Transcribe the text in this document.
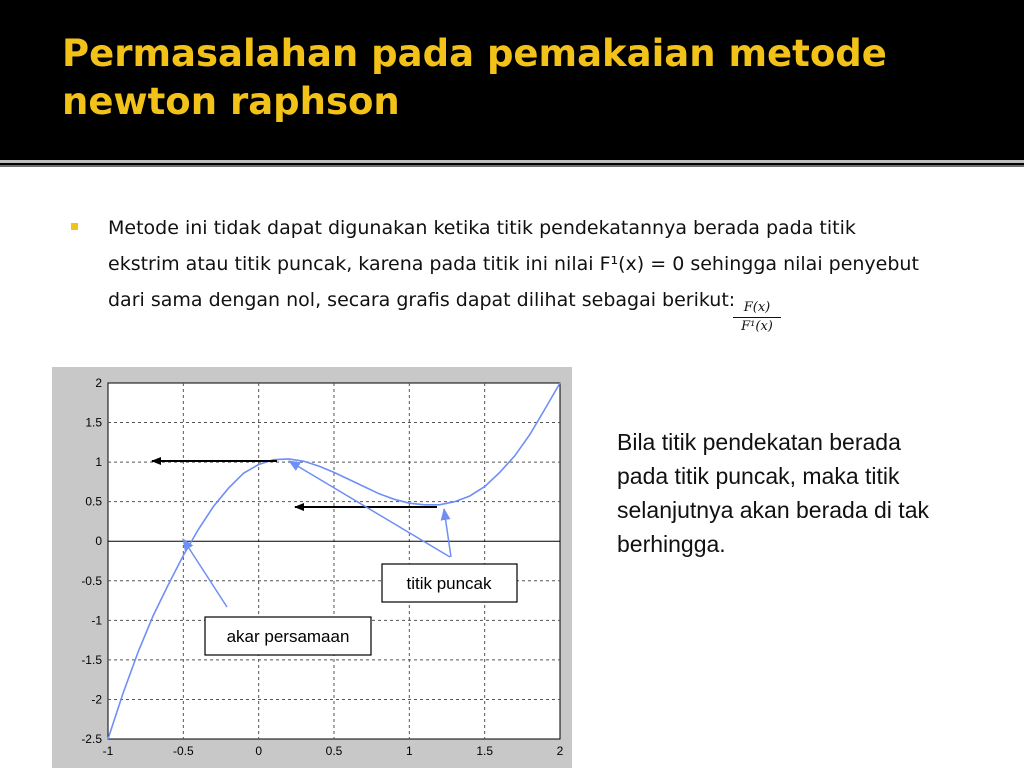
Permasalahan pada pemakaian metode newton raphson

Metode ini tidak dapat digunakan ketika titik pendekatannya berada pada titik ekstrim atau titik puncak, karena pada titik ini nilai F¹(x) = 0 sehingga nilai penyebut dari sama dengan nol, secara grafis dapat dilihat sebagai berikut: F(x)
F¹(x)

Bila titik pendekatan berada pada titik puncak, maka titik selanjutnya akan berada di tak berhingga.

-1	-0.5	0	0.5	1	1.5	2
2
1.5
1
0.5
0
-0.5
-1
-1.5
-2
-2.5
titik puncak
akar persamaan
